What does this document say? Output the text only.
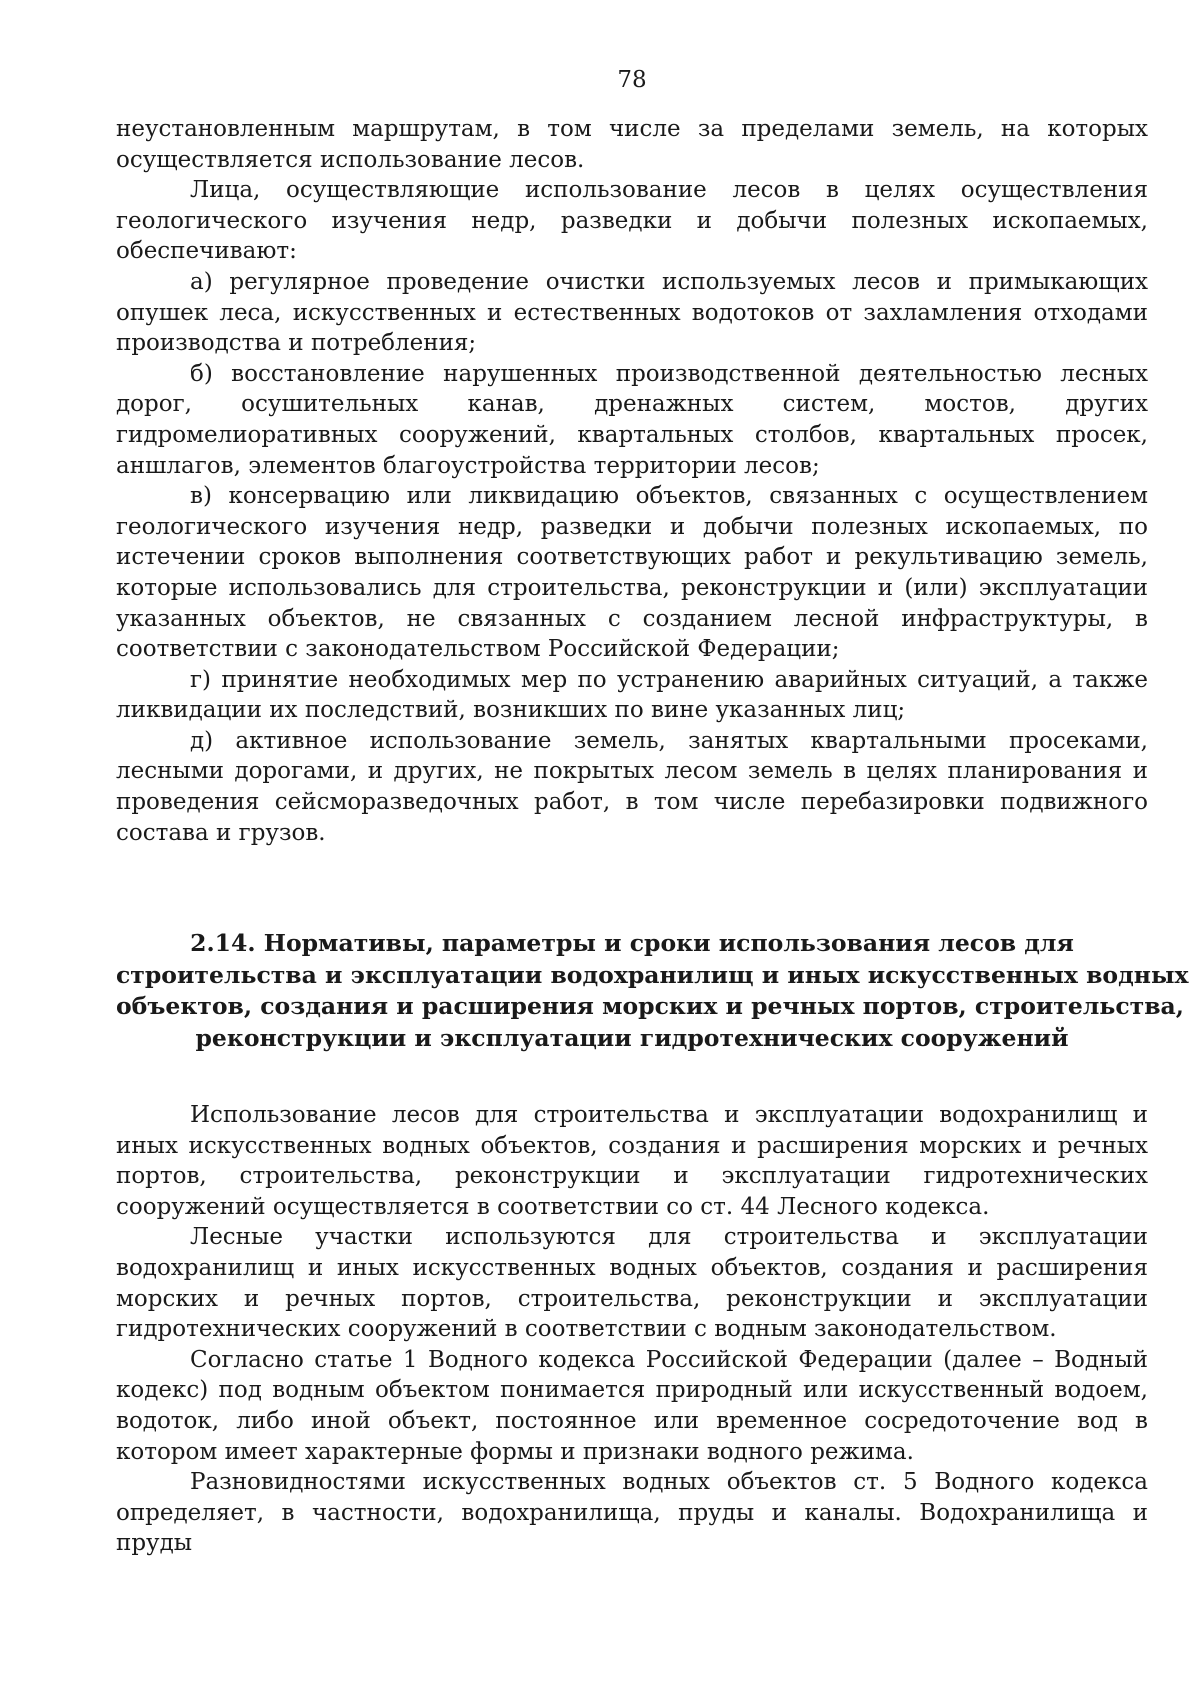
78

неустановленным маршрутам, в том числе за пределами земель, на которых осуществляется использование лесов.

Лица, осуществляющие использование лесов в целях осуществления геологического изучения недр, разведки и добычи полезных ископаемых, обеспечивают:

а) регулярное проведение очистки используемых лесов и примыкающих опушек леса, искусственных и естественных водотоков от захламления отходами производства и потребления;

б) восстановление нарушенных производственной деятельностью лесных дорог, осушительных канав, дренажных систем, мостов, других гидромелиоративных сооружений, квартальных столбов, квартальных просек, аншлагов, элементов благоустройства территории лесов;

в) консервацию или ликвидацию объектов, связанных с осуществлением геологического изучения недр, разведки и добычи полезных ископаемых, по истечении сроков выполнения соответствующих работ и рекультивацию земель, которые использовались для строительства, реконструкции и (или) эксплуатации указанных объектов, не связанных с созданием лесной инфраструктуры, в соответствии с законодательством Российской Федерации;

г) принятие необходимых мер по устранению аварийных ситуаций, а также ликвидации их последствий, возникших по вине указанных лиц;

д) активное использование земель, занятых квартальными просеками, лесными дорогами, и других, не покрытых лесом земель в целях планирования и проведения сейсморазведочных работ, в том числе перебазировки подвижного состава и грузов.

2.14. Нормативы, параметры и сроки использования лесов для
строительства и эксплуатации водохранилищ и иных искусственных водных
объектов, создания и расширения морских и речных портов, строительства,
реконструкции и эксплуатации гидротехнических сооружений

Использование лесов для строительства и эксплуатации водохранилищ и иных искусственных водных объектов, создания и расширения морских и речных портов, строительства, реконструкции и эксплуатации гидротехнических сооружений осуществляется в соответствии со ст. 44 Лесного кодекса.

Лесные участки используются для строительства и эксплуатации водохранилищ и иных искусственных водных объектов, создания и расширения морских и речных портов, строительства, реконструкции и эксплуатации гидротехнических сооружений в соответствии с водным законодательством.

Согласно статье 1 Водного кодекса Российской Федерации (далее – Водный кодекс) под водным объектом понимается природный или искусственный водоем, водоток, либо иной объект, постоянное или временное сосредоточение вод в котором имеет характерные формы и признаки водного режима.

Разновидностями искусственных водных объектов ст. 5 Водного кодекса определяет, в частности, водохранилища, пруды и каналы. Водохранилища и пруды
